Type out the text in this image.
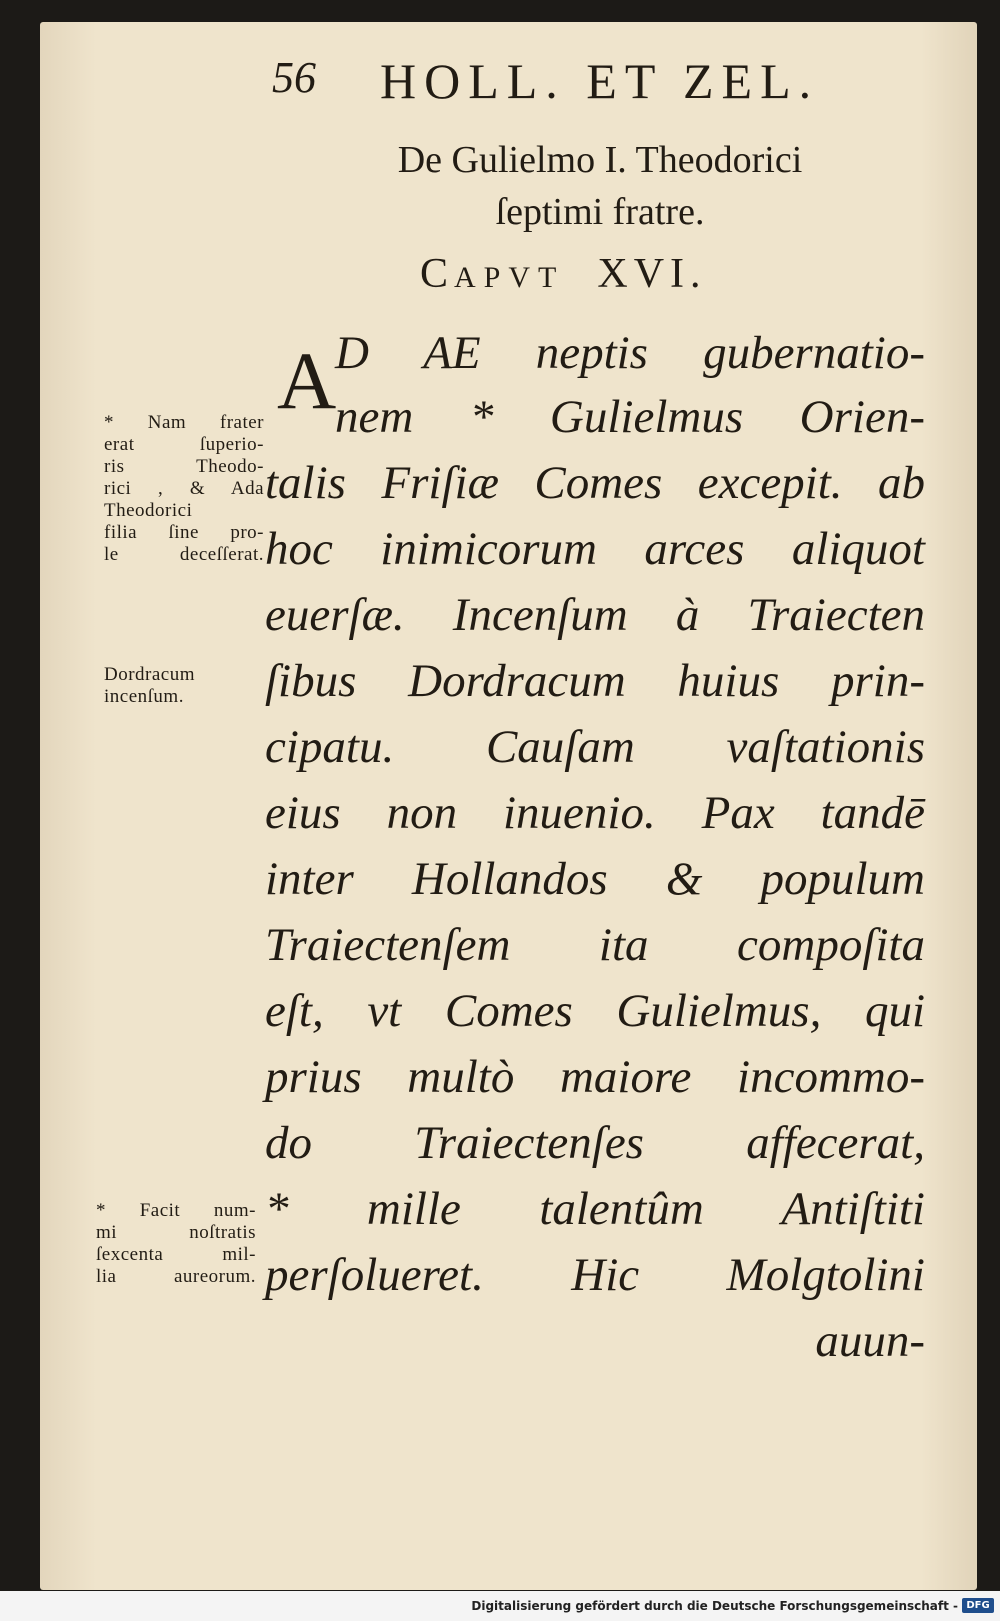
56 HOLL. ET ZEL.
De Gulielmo I. Theodorici
ſeptimi fratre.
CAPVT XVI.
A
D AE neptis gubernatio-
nem * Gulielmus Orien-
talis Friſiæ Comes excepit. ab
hoc inimicorum arces aliquot
euerſæ. Incenſum à Traiecten
ſibus Dordracum huius prin-
cipatu. Cauſam vaſtationis
eius non inuenio. Pax tandē
inter Hollandos & populum
Traiectenſem ita compoſita
eſt, vt Comes Gulielmus, qui
prius multò maiore incommo-
do Traiectenſes affecerat,
* mille talentûm Antiſtiti
perſolueret. Hic Molgtolini
auun-
* Nam frater
erat ſuperio-
ris Theodo-
rici , & Ada
Theodorici
filia ſine pro-
le deceſſerat.
Dordracum
incenſum.
* Facit num-
mi noſtratis
ſexcenta mil-
lia aureorum.
Digitalisierung gefördert durch die Deutsche Forschungsgemeinschaft - DFG
